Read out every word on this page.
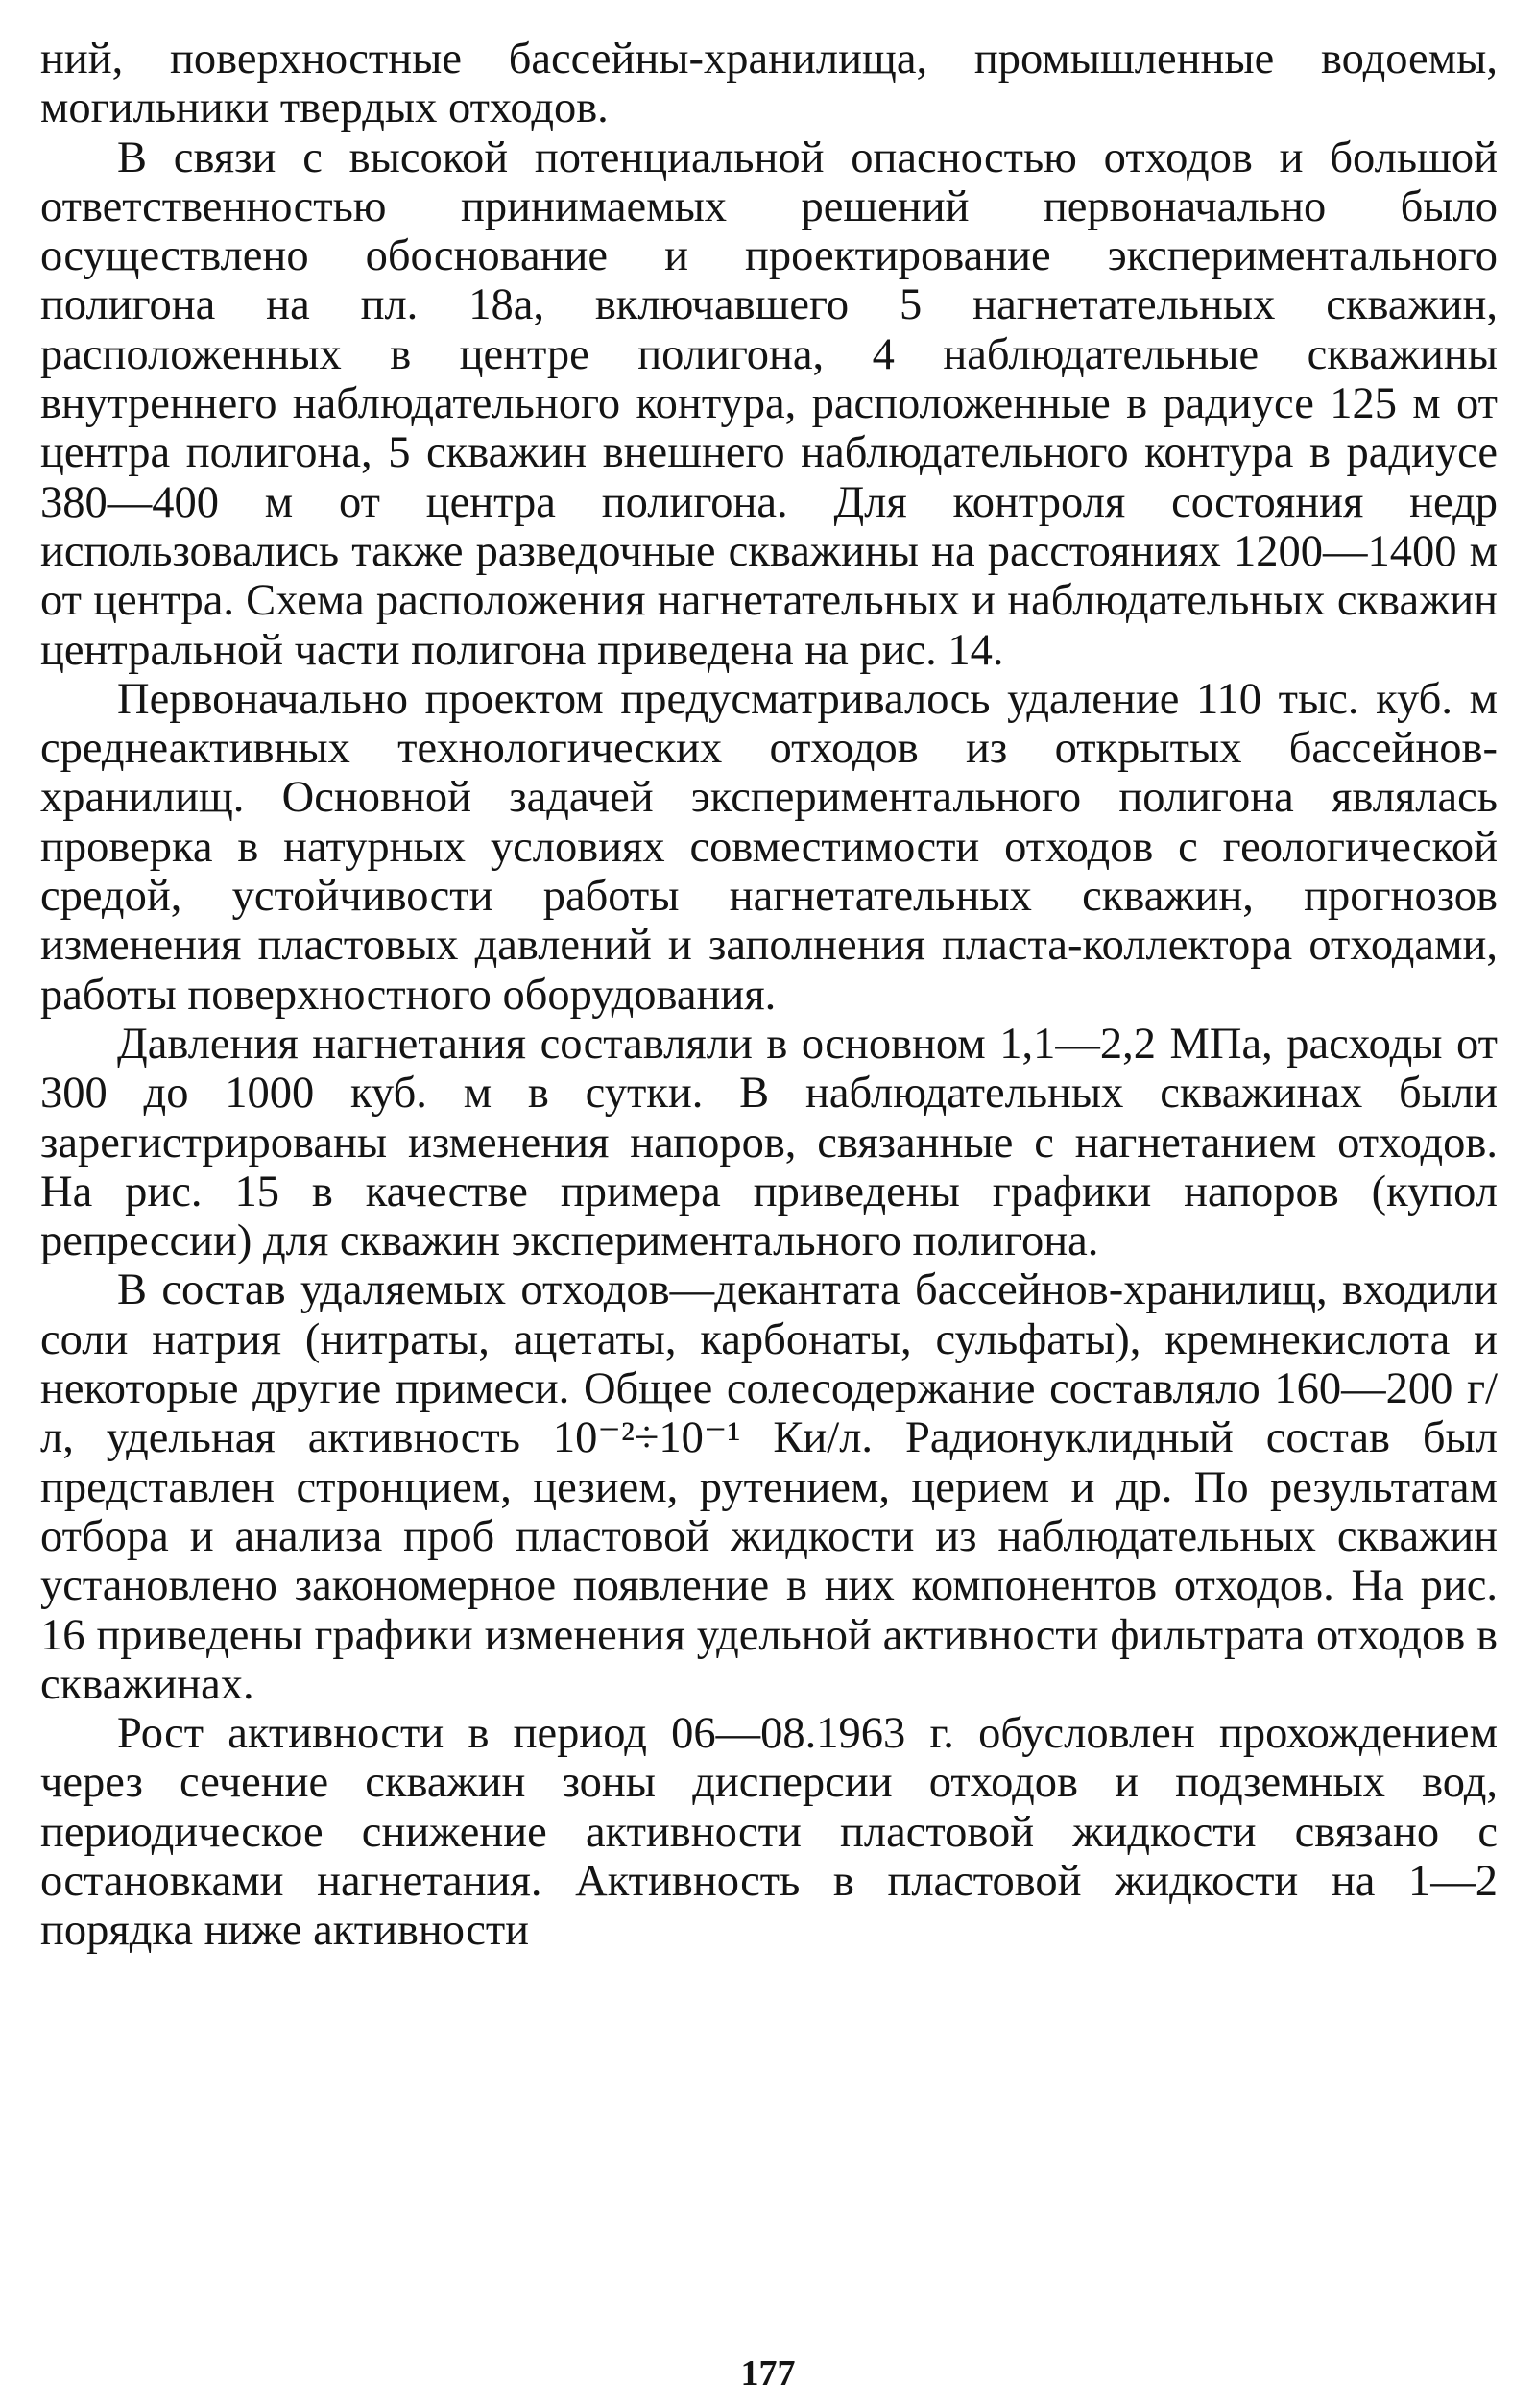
ний, поверхностные бассейны-хранилища, промышленные водоемы, могильники твердых отходов.

В связи с высокой потенциальной опасностью отходов и большой ответственностью принимаемых решений первоначально было осуществлено обоснование и проектирование экспериментального полигона на пл. 18а, включавшего 5 нагнетательных скважин, расположенных в центре полигона, 4 наблюдательные скважины внутреннего наблюдательного контура, расположенные в радиусе 125 м от центра полигона, 5 скважин внешнего наблюдательного контура в радиусе 380—400 м от центра полигона. Для контроля состояния недр использовались также разведочные скважины на расстояниях 1200—1400 м от центра. Схема расположения нагнетательных и наблюдательных скважин центральной части полигона приведена на рис. 14.

Первоначально проектом предусматривалось удаление 110 тыс. куб. м среднеактивных технологических отходов из открытых бассейнов-хранилищ. Основной задачей экспериментального полигона являлась проверка в натурных условиях совместимости отходов с геологической средой, устойчивости работы нагнетательных скважин, прогнозов изменения пластовых давлений и заполнения пласта-коллектора отходами, работы поверхностного оборудования.

Давления нагнетания составляли в основном 1,1—2,2 МПа, расходы от 300 до 1000 куб. м в сутки. В наблюдательных скважинах были зарегистрированы изменения напоров, связанные с нагнетанием отходов. На рис. 15 в качестве примера приведены графики напоров (купол репрессии) для скважин экспериментального полигона.

В состав удаляемых отходов—декантата бассейнов-хранилищ, входили соли натрия (нитраты, ацетаты, карбонаты, сульфаты), кремнекислота и некоторые другие примеси. Общее солесодержание составляло 160—200 г/л, удельная активность 10⁻²÷10⁻¹ Ки/л. Радионуклидный состав был представлен стронцием, цезием, рутением, церием и др. По результатам отбора и анализа проб пластовой жидкости из наблюдательных скважин установлено закономерное появление в них компонентов отходов. На рис. 16 приведены графики изменения удельной активности фильтрата отходов в скважинах.

Рост активности в период 06—08.1963 г. обусловлен прохождением через сечение скважин зоны дисперсии отходов и подземных вод, периодическое снижение активности пластовой жидкости связано с остановками нагнетания. Активность в пластовой жидкости на 1—2 порядка ниже активности

177
